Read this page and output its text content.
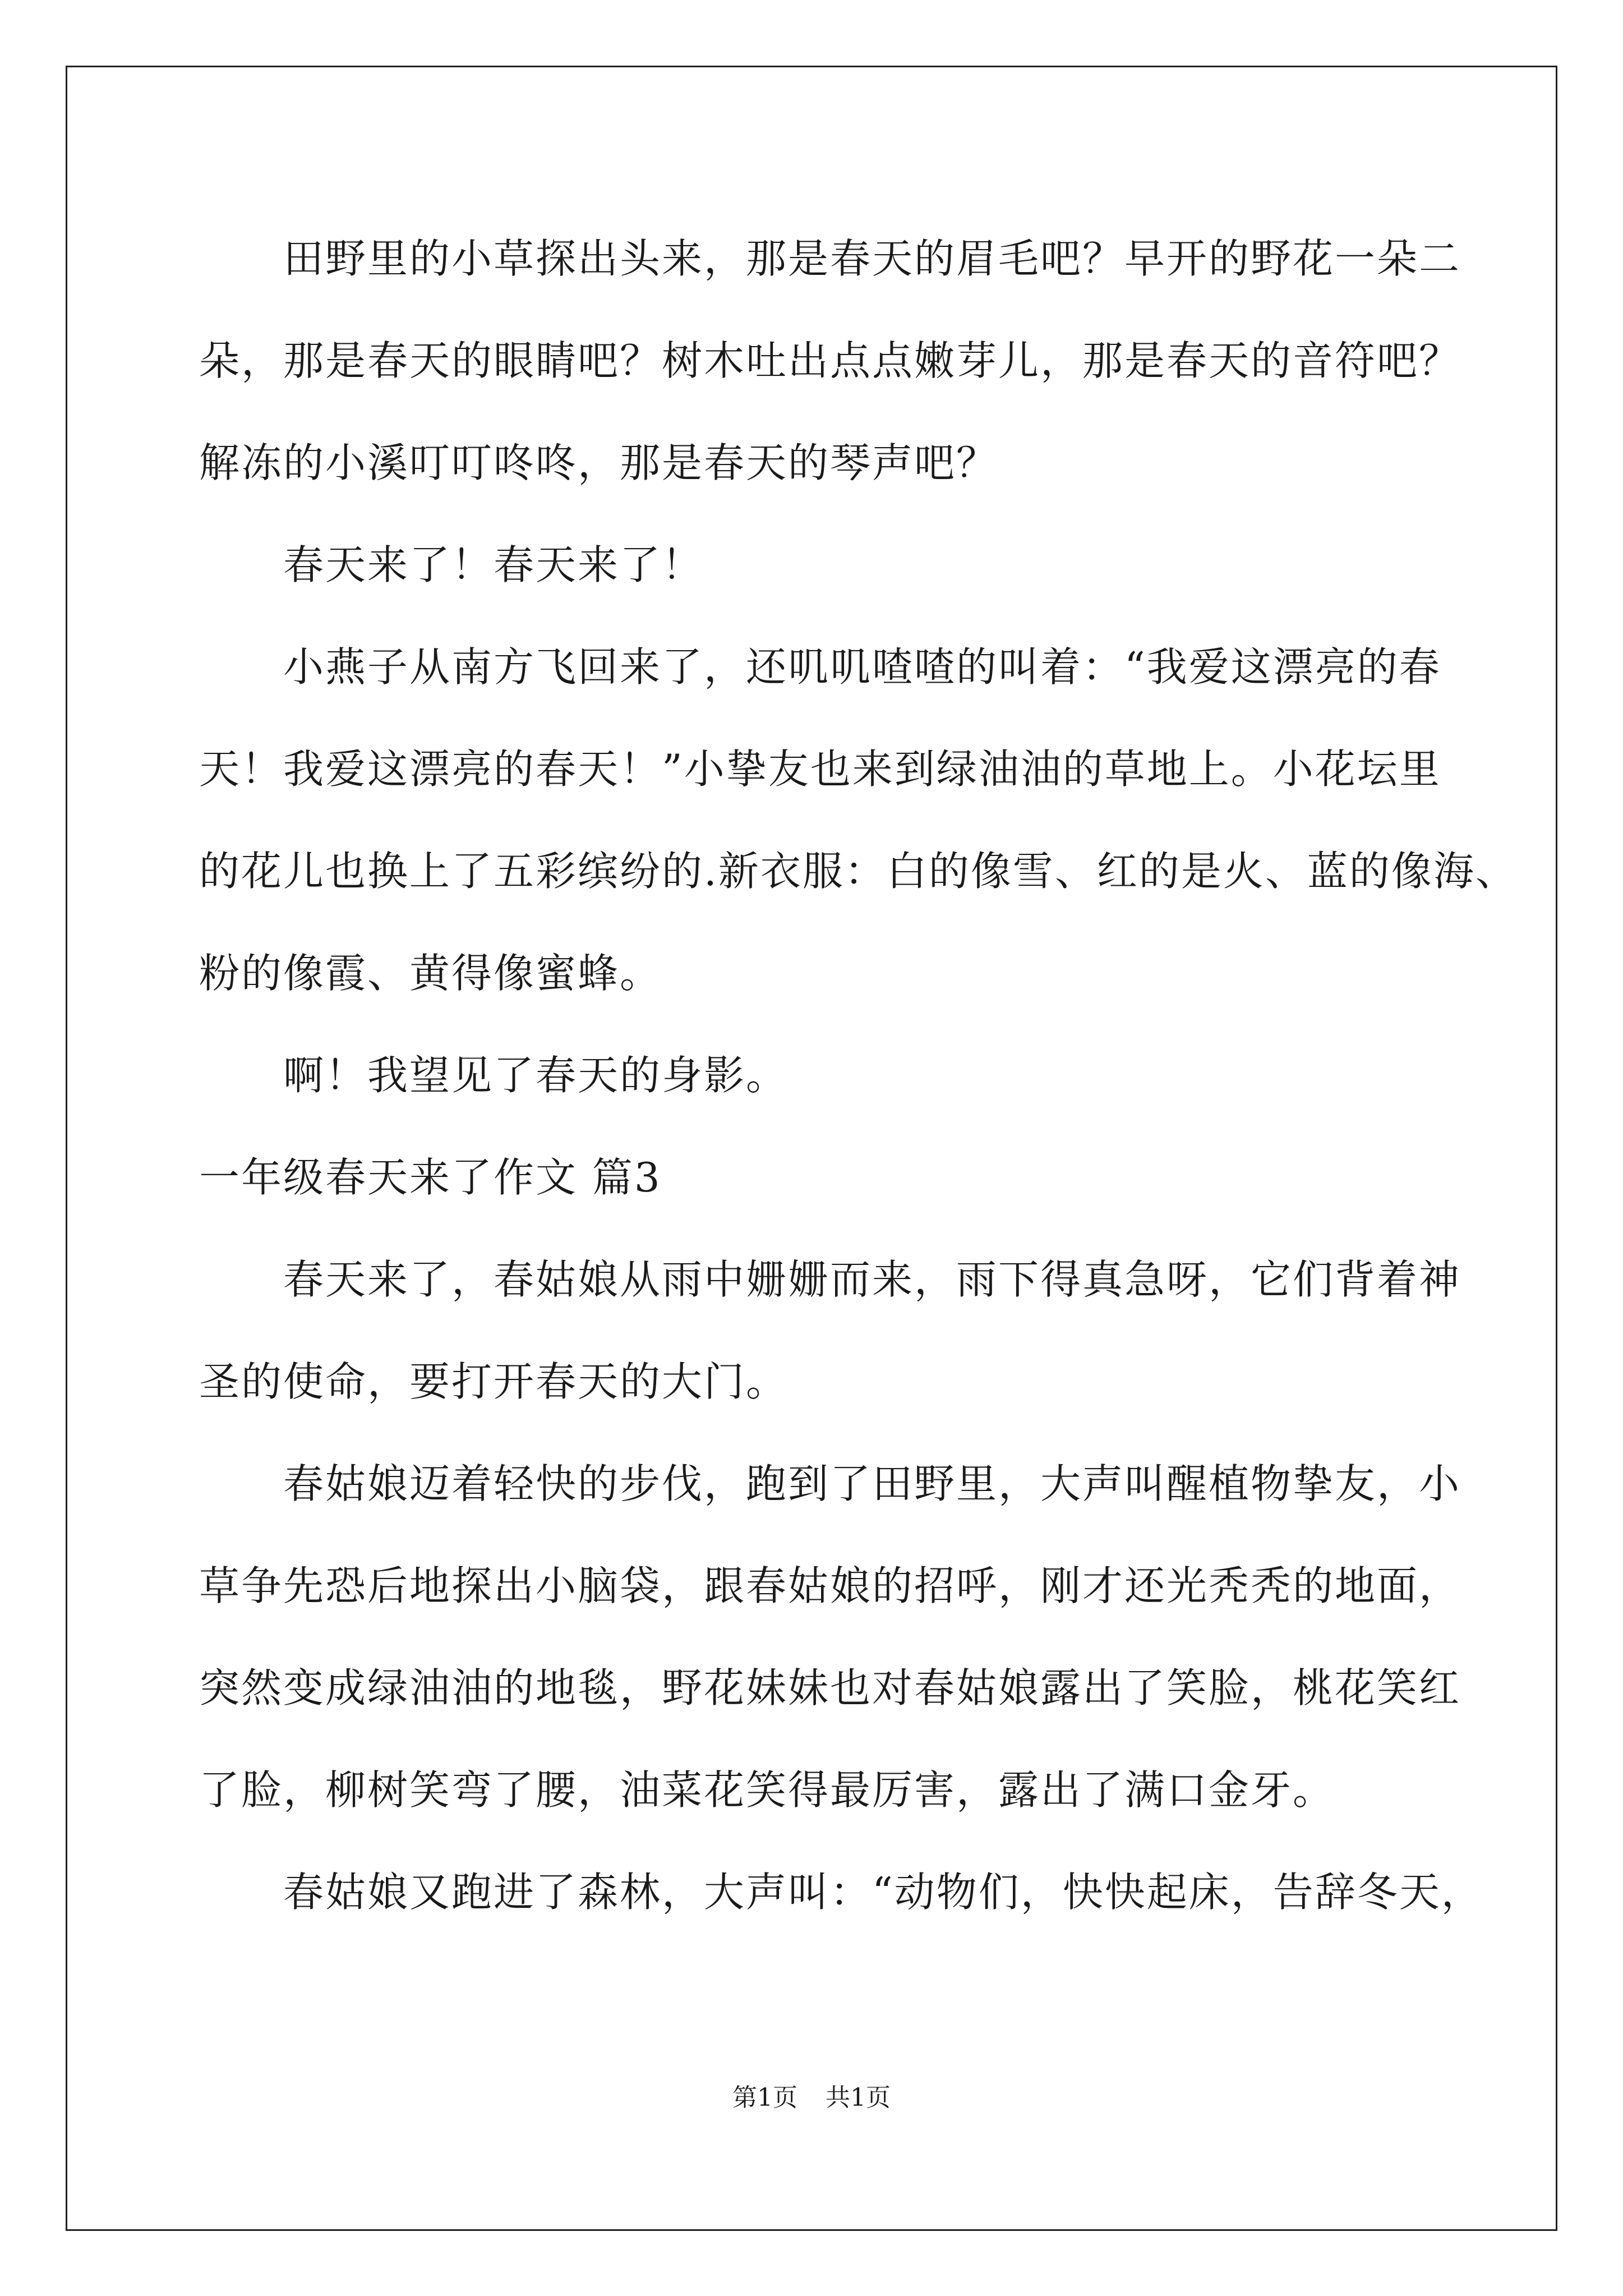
田野里的小草探出头来，那是春天的眉毛吧？早开的野花一朵二
朵，那是春天的眼睛吧？树木吐出点点嫩芽儿，那是春天的音符吧？
解冻的小溪叮叮咚咚，那是春天的琴声吧？
春天来了！春天来了！
小燕子从南方飞回来了，还叽叽喳喳的叫着：“我爱这漂亮的春
天！我爱这漂亮的春天！”小挚友也来到绿油油的草地上。小花坛里
的花儿也换上了五彩缤纷的.新衣服：白的像雪、红的是火、蓝的像海、
粉的像霞、黄得像蜜蜂。
啊！我望见了春天的身影。
一年级春天来了作文 篇3
春天来了，春姑娘从雨中姗姗而来，雨下得真急呀，它们背着神
圣的使命，要打开春天的大门。
春姑娘迈着轻快的步伐，跑到了田野里，大声叫醒植物挚友，小
草争先恐后地探出小脑袋，跟春姑娘的招呼，刚才还光秃秃的地面，
突然变成绿油油的地毯，野花妹妹也对春姑娘露出了笑脸，桃花笑红
了脸，柳树笑弯了腰，油菜花笑得最厉害，露出了满口金牙。
春姑娘又跑进了森林，大声叫：“动物们，快快起床，告辞冬天，
第1页 共1页
